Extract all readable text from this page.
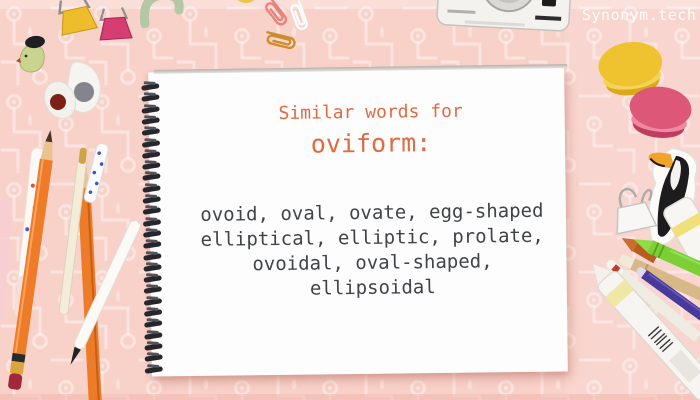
Similar words for
oviform:
ovoid, oval, ovate, egg-shaped
elliptical, elliptic, prolate,
ovoidal, oval-shaped,
ellipsoidal
Synonym.tech
